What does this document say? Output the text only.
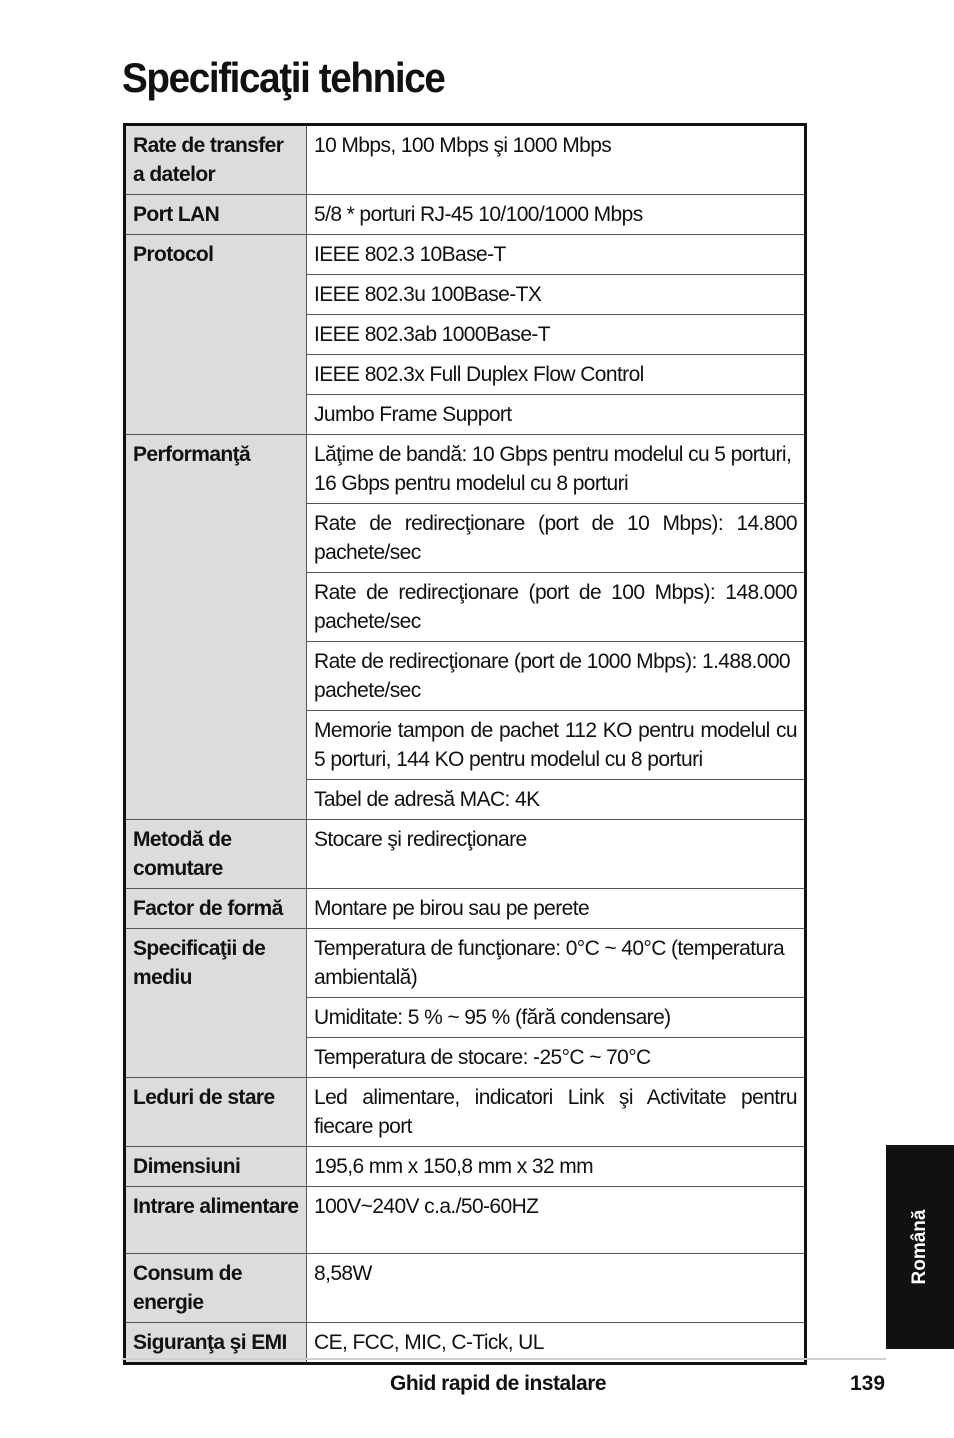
Specificaţii tehnice
Rate de transfer a datelor	10 Mbps, 100 Mbps şi 1000 Mbps
Port LAN	5/8 * porturi RJ-45 10/100/1000 Mbps
Protocol	IEEE 802.3 10Base-T
	IEEE 802.3u 100Base-TX
	IEEE 802.3ab 1000Base-T
	IEEE 802.3x Full Duplex Flow Control
	Jumbo Frame Support
Performanţă	Lăţime de bandă: 10 Gbps pentru modelul cu 5 porturi, 16 Gbps pentru modelul cu 8 porturi
	Rate de redirecţionare (port de 10 Mbps): 14.800 pachete/sec
	Rate de redirecţionare (port de 100 Mbps): 148.000 pachete/sec
	Rate de redirecţionare (port de 1000 Mbps): 1.488.000 pachete/sec
	Memorie tampon de pachet 112 KO pentru modelul cu 5 porturi, 144 KO pentru modelul cu 8 porturi
	Tabel de adresă MAC: 4K
Metodă de comutare	Stocare şi redirecţionare
Factor de formă	Montare pe birou sau pe perete
Specificaţii de mediu	Temperatura de funcţionare: 0°C ~ 40°C (temperatura ambientală)
	Umiditate: 5 % ~ 95 % (fără condensare)
	Temperatura de stocare: -25°C ~ 70°C
Leduri de stare	Led alimentare, indicatori Link şi Activitate pentru fiecare port
Dimensiuni	195,6 mm x 150,8 mm x 32 mm
Intrare alimentare	100V~240V c.a./50-60HZ
Consum de energie	8,58W
Siguranţa şi EMI	CE, FCC, MIC, C-Tick, UL
Română
Ghid rapid de instalare	139
